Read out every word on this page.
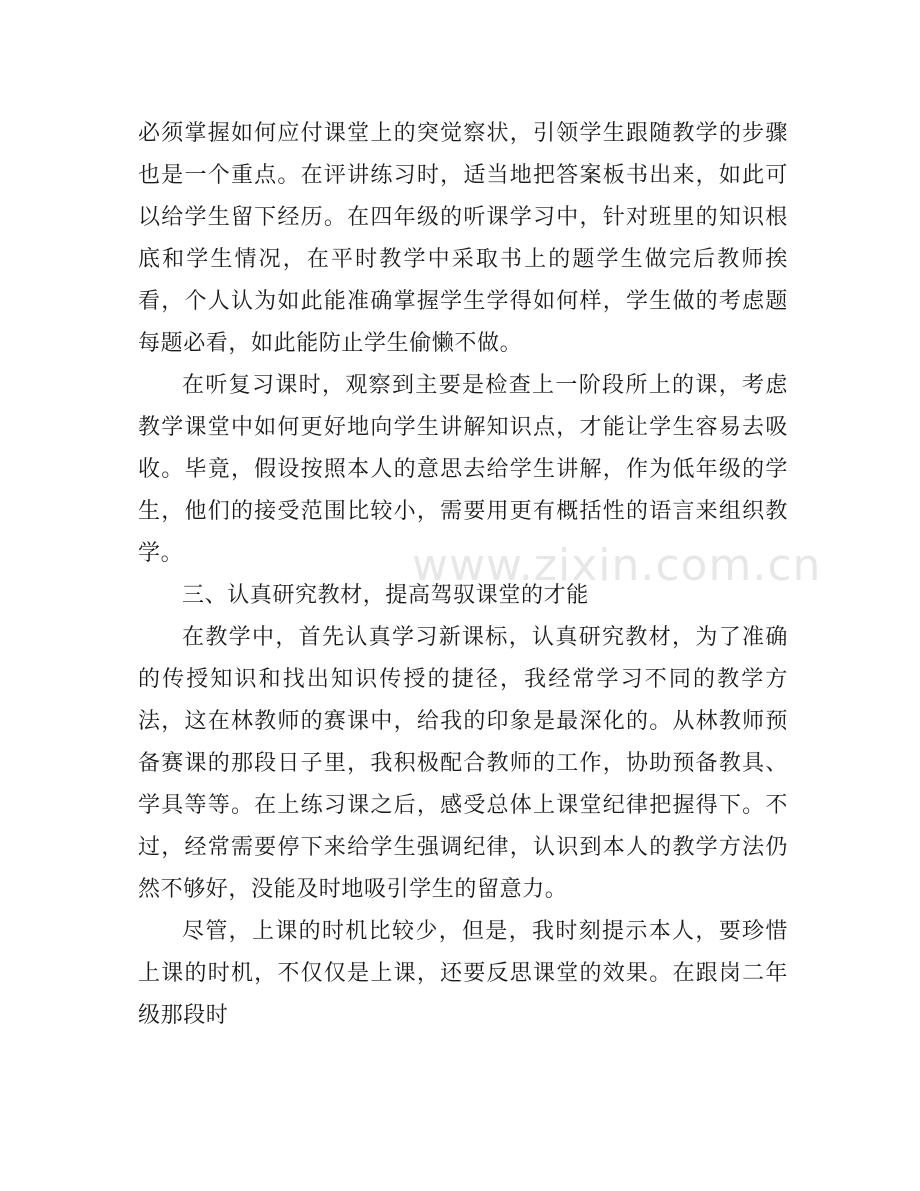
必须掌握如何应付课堂上的突觉察状，引领学生跟随教学的步骤也是一个重点。在评讲练习时，适当地把答案板书出来，如此可以给学生留下经历。在四年级的听课学习中，针对班里的知识根底和学生情况，在平时教学中采取书上的题学生做完后教师挨看，个人认为如此能准确掌握学生学得如何样，学生做的考虑题每题必看，如此能防止学生偷懒不做。

在听复习课时，观察到主要是检查上一阶段所上的课，考虑教学课堂中如何更好地向学生讲解知识点，才能让学生容易去吸收。毕竟，假设按照本人的意思去给学生讲解，作为低年级的学生，他们的接受范围比较小，需要用更有概括性的语言来组织教学。

三、认真研究教材，提高驾驭课堂的才能

在教学中，首先认真学习新课标，认真研究教材，为了准确的传授知识和找出知识传授的捷径，我经常学习不同的教学方法，这在林教师的赛课中，给我的印象是最深化的。从林教师预备赛课的那段日子里，我积极配合教师的工作，协助预备教具、学具等等。在上练习课之后，感受总体上课堂纪律把握得下。不过，经常需要停下来给学生强调纪律，认识到本人的教学方法仍然不够好，没能及时地吸引学生的留意力。

尽管，上课的时机比较少，但是，我时刻提示本人，要珍惜上课的时机，不仅仅是上课，还要反思课堂的效果。在跟岗二年级那段时

www.zixin.com.cn
